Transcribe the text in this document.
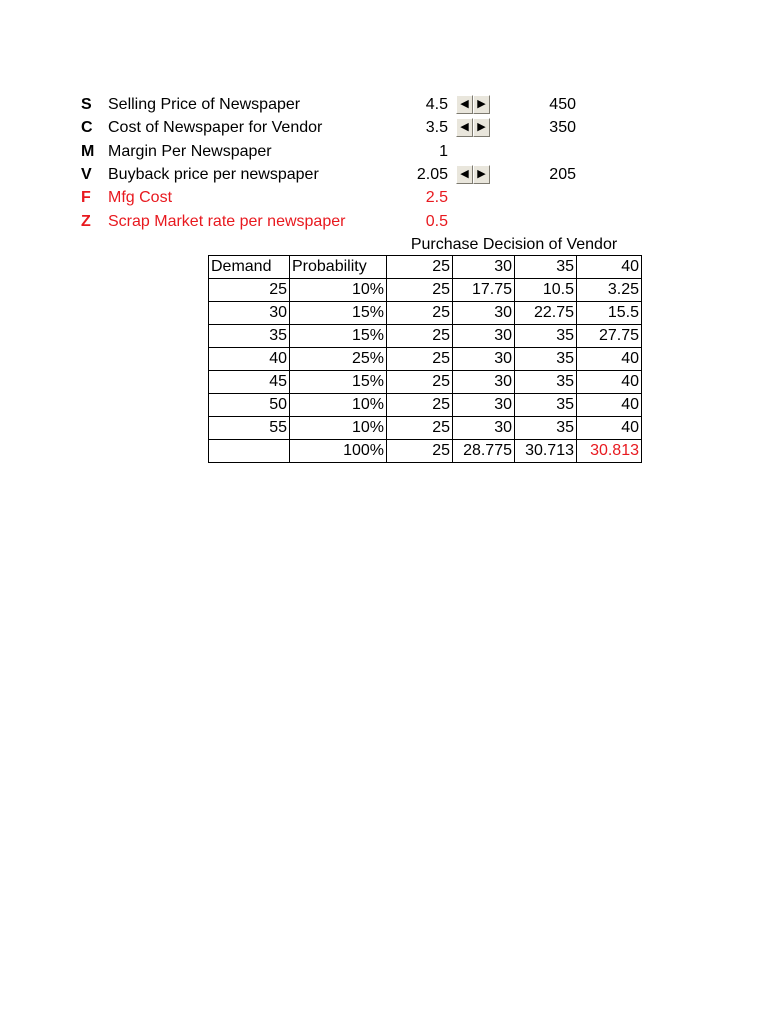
S	Selling Price of Newspaper	4.5	◀ ▶	450
C Cost of Newspaper for Vendor	3.5	◀ ▶	350
M Margin Per Newspaper	1
V	Buyback price per newspaper	2.05	◀ ▶	205
F	Mfg Cost	2.5
Z	Scrap Market rate per newspaper	0.5
Purchase Decision of Vendor
Demand	Probability	25	30	35	40
25	10%	25	17.75	10.5	3.25
30	15%	25	30	22.75	15.5
35	15%	25	30	35	27.75
40	25%	25	30	35	40
45	15%	25	30	35	40
50	10%	25	30	35	40
55	10%	25	30	35	40
	100%	25	28.775	30.713	30.813
